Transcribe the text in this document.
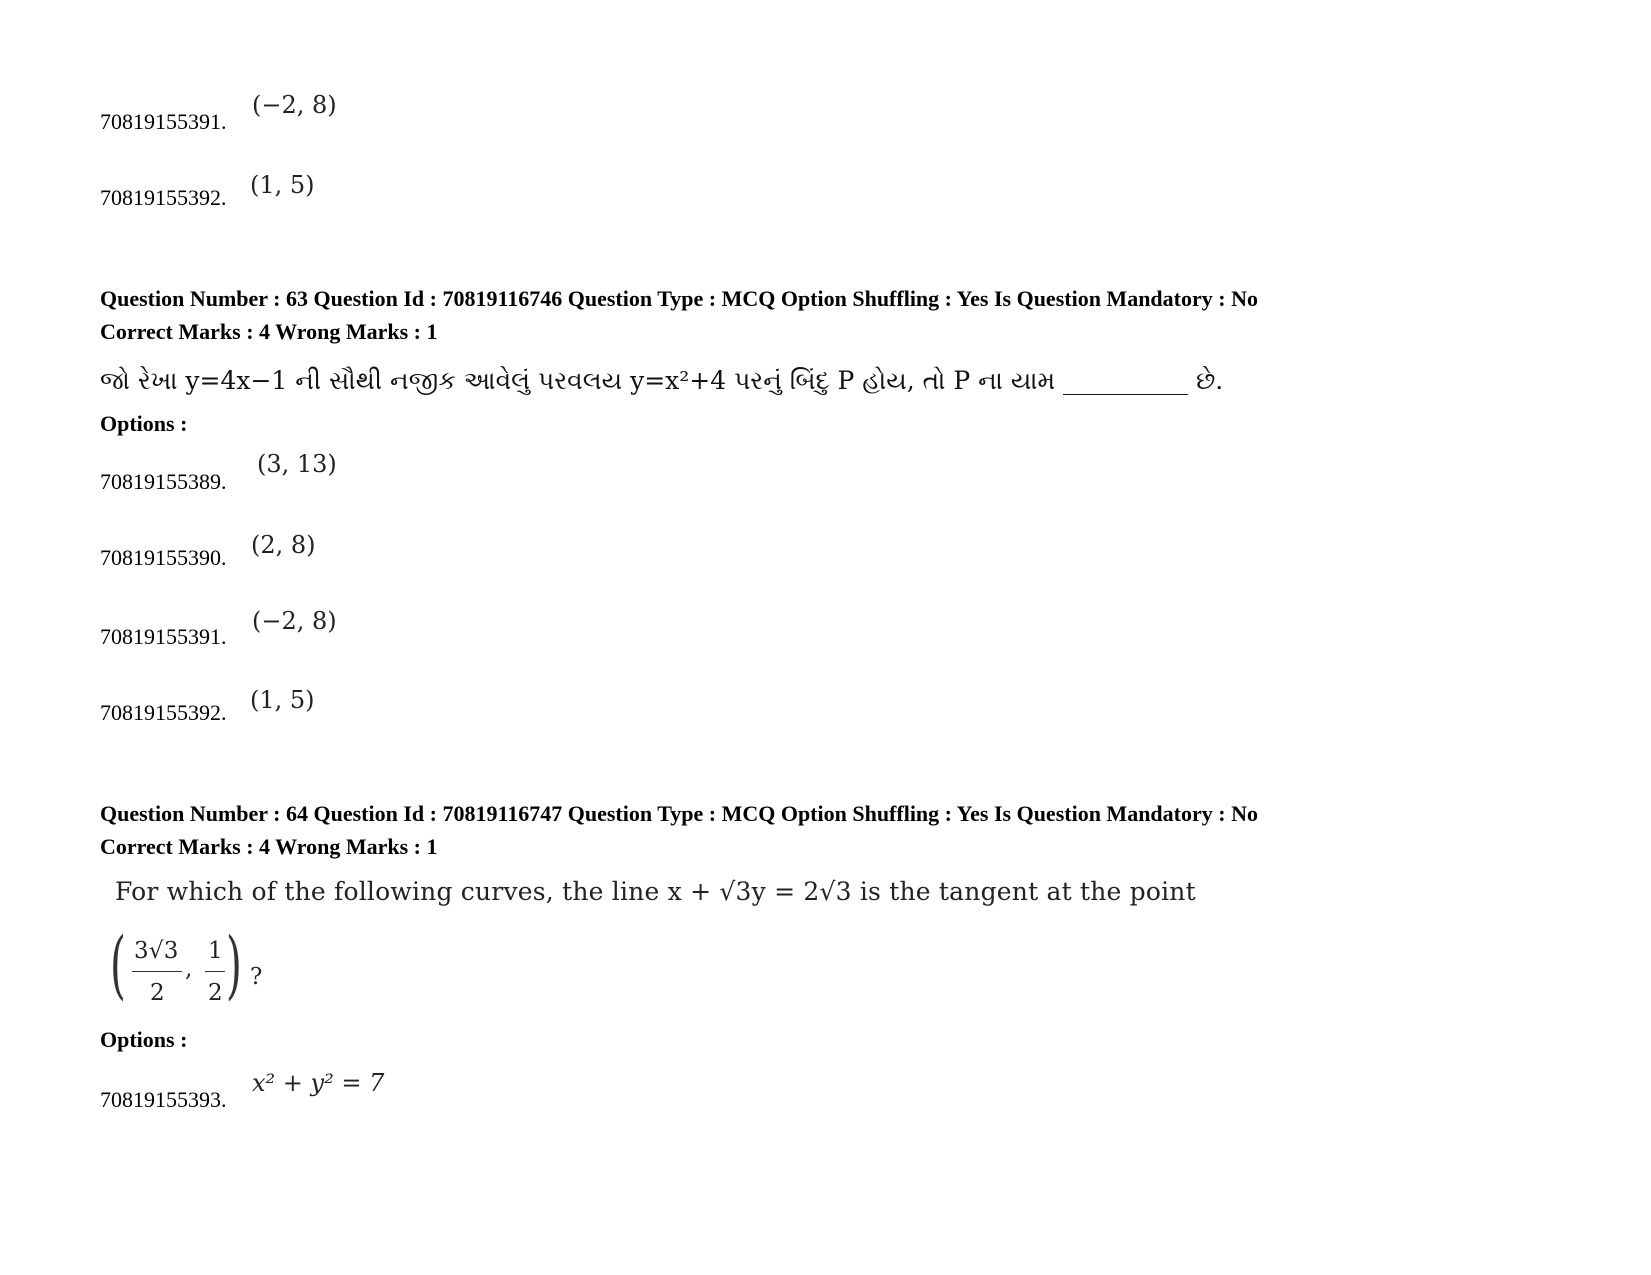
(−2, 8)
70819155391.
(1, 5)
70819155392.
Question Number : 63 Question Id : 70819116746 Question Type : MCQ Option Shuffling : Yes Is Question Mandatory : No
Correct Marks : 4 Wrong Marks : 1
જો રેખા y=4x−1 ની સૌથી નજીક આવેલું પરવલય y=x²+4 પરનું બિંદુ P હોય, તો P ના યામ __________ છે.
Options :
(3, 13)
70819155389.
(2, 8)
70819155390.
(−2, 8)
70819155391.
(1, 5)
70819155392.
Question Number : 64 Question Id : 70819116747 Question Type : MCQ Option Shuffling : Yes Is Question Mandatory : No
Correct Marks : 4 Wrong Marks : 1
For which of the following curves, the line x + √3y = 2√3 is the tangent at the point
( 3√3
2
,
1
2 ) ?
Options :
x² + y² = 7
70819155393.
